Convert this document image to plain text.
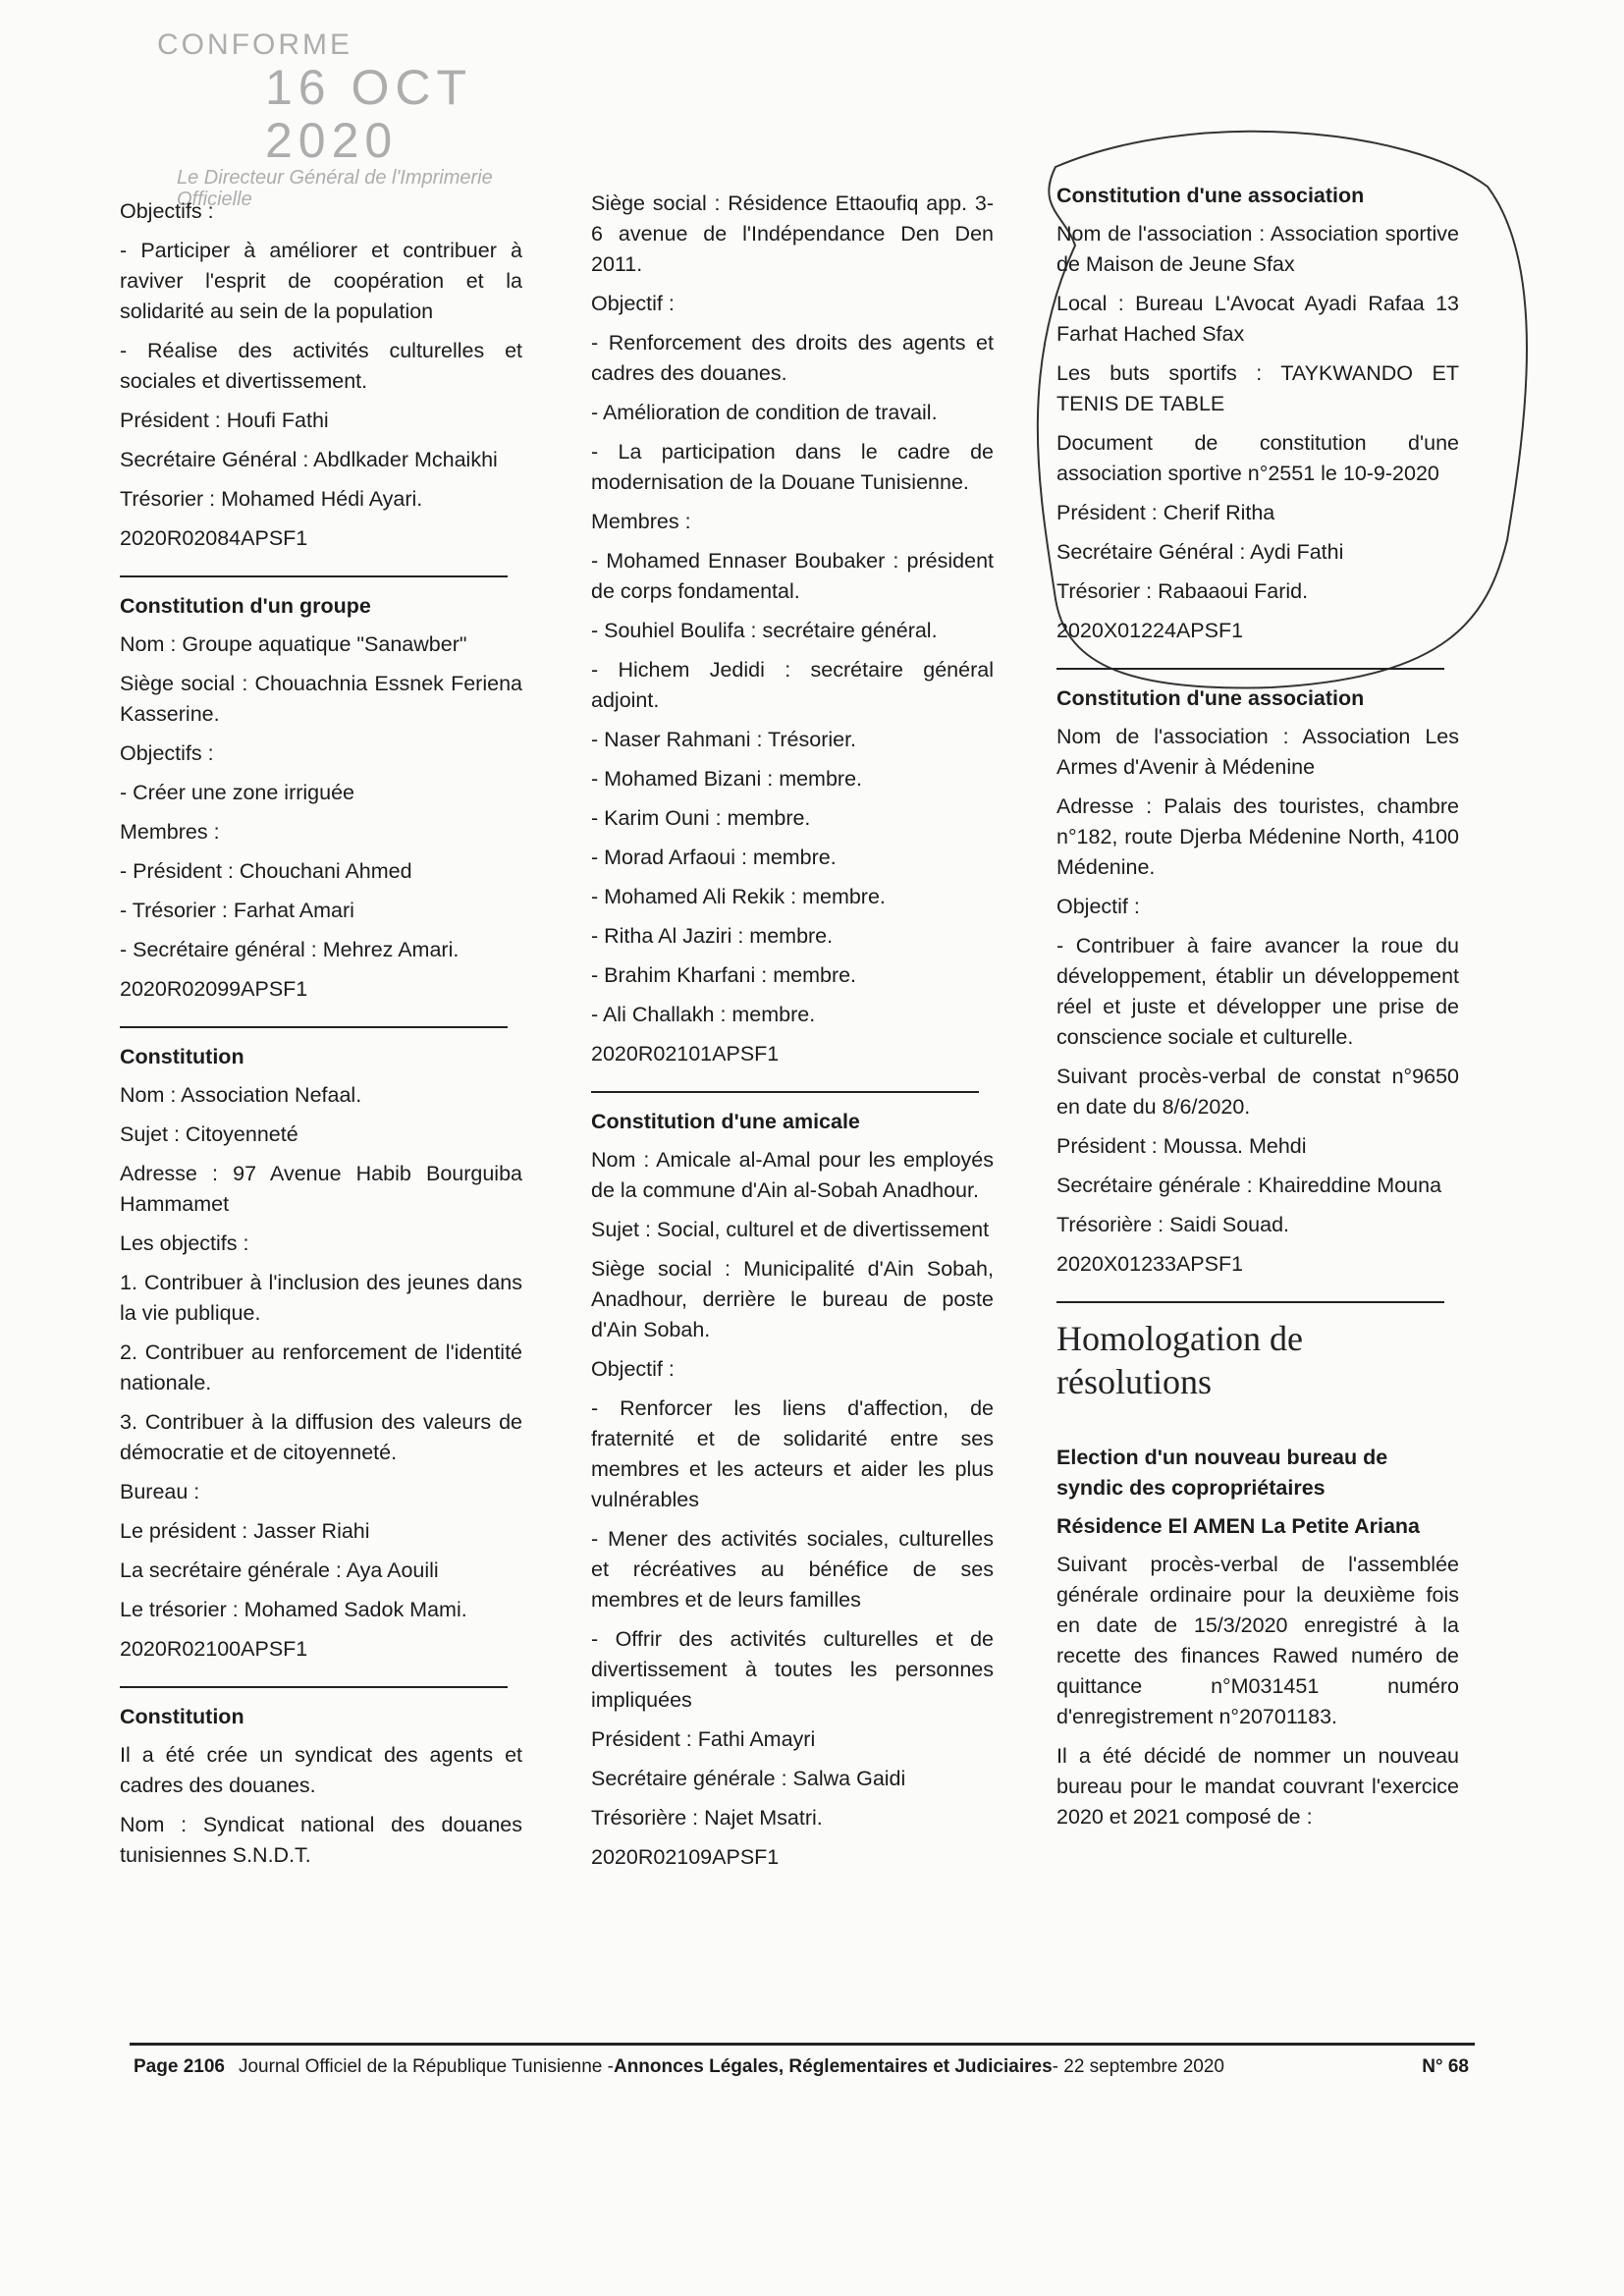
CONFORME
16 OCT 2020
Le Directeur Général de l'Imprimerie Officielle
Objectifs :
- Participer à améliorer et contribuer à raviver l'esprit de coopération et la solidarité au sein de la population
- Réalise des activités culturelles et sociales et divertissement.
Président : Houfi Fathi
Secrétaire Général : Abdlkader Mchaikhi
Trésorier : Mohamed Hédi Ayari.
2020R02084APSF1
Constitution d'un groupe
Nom : Groupe aquatique "Sanawber"
Siège social : Chouachnia Essnek Feriena Kasserine.
Objectifs :
- Créer une zone irriguée
Membres :
- Président : Chouchani Ahmed
- Trésorier : Farhat Amari
- Secrétaire général : Mehrez Amari.
2020R02099APSF1
Constitution
Nom : Association Nefaal.
Sujet : Citoyenneté
Adresse : 97 Avenue Habib Bourguiba Hammamet
Les objectifs :
1. Contribuer à l'inclusion des jeunes dans la vie publique.
2. Contribuer au renforcement de l'identité nationale.
3. Contribuer à la diffusion des valeurs de démocratie et de citoyenneté.
Bureau :
Le président : Jasser Riahi
La secrétaire générale : Aya Aouili
Le trésorier : Mohamed Sadok Mami.
2020R02100APSF1
Constitution
Il a été crée un syndicat des agents et cadres des douanes.
Nom : Syndicat national des douanes tunisiennes S.N.D.T.
Siège social : Résidence Ettaoufiq app. 3-6 avenue de l'Indépendance Den Den 2011.
Objectif :
- Renforcement des droits des agents et cadres des douanes.
- Amélioration de condition de travail.
- La participation dans le cadre de modernisation de la Douane Tunisienne.
Membres :
- Mohamed Ennaser Boubaker : président de corps fondamental.
- Souhiel Boulifa : secrétaire général.
- Hichem Jedidi : secrétaire général adjoint.
- Naser Rahmani : Trésorier.
- Mohamed Bizani : membre.
- Karim Ouni : membre.
- Morad Arfaoui : membre.
- Mohamed Ali Rekik : membre.
- Ritha Al Jaziri : membre.
- Brahim Kharfani : membre.
- Ali Challakh : membre.
2020R02101APSF1
Constitution d'une amicale
Nom : Amicale al-Amal pour les employés de la commune d'Ain al-Sobah Anadhour.
Sujet : Social, culturel et de divertissement
Siège social : Municipalité d'Ain Sobah, Anadhour, derrière le bureau de poste d'Ain Sobah.
Objectif :
- Renforcer les liens d'affection, de fraternité et de solidarité entre ses membres et les acteurs et aider les plus vulnérables
- Mener des activités sociales, culturelles et récréatives au bénéfice de ses membres et de leurs familles
- Offrir des activités culturelles et de divertissement à toutes les personnes impliquées
Président : Fathi Amayri
Secrétaire générale : Salwa Gaidi
Trésorière : Najet Msatri.
2020R02109APSF1
Constitution d'une association
Nom de l'association : Association sportive de Maison de Jeune Sfax
Local : Bureau L'Avocat Ayadi Rafaa 13 Farhat Hached Sfax
Les buts sportifs : TAYKWANDO ET TENIS DE TABLE
Document de constitution d'une association sportive n°2551 le 10-9-2020
Président : Cherif Ritha
Secrétaire Général : Aydi Fathi
Trésorier : Rabaaoui Farid.
2020X01224APSF1
Constitution d'une association
Nom de l'association : Association Les Armes d'Avenir à Médenine
Adresse : Palais des touristes, chambre n°182, route Djerba Médenine North, 4100 Médenine.
Objectif :
- Contribuer à faire avancer la roue du développement, établir un développement réel et juste et développer une prise de conscience sociale et culturelle.
Suivant procès-verbal de constat n°9650 en date du 8/6/2020.
Président : Moussa. Mehdi
Secrétaire générale : Khaireddine Mouna
Trésorière : Saidi Souad.
2020X01233APSF1
Homologation de résolutions
Election d'un nouveau bureau de syndic des copropriétaires
Résidence El AMEN La Petite Ariana
Suivant procès-verbal de l'assemblée générale ordinaire pour la deuxième fois en date de 15/3/2020 enregistré à la recette des finances Rawed numéro de quittance n°M031451 numéro d'enregistrement n°20701183.
Il a été décidé de nommer un nouveau bureau pour le mandat couvrant l'exercice 2020 et 2021 composé de :
Page 2106 Journal Officiel de la République Tunisienne - Annonces Légales, Réglementaires et Judiciaires - 22 septembre 2020	N° 68
